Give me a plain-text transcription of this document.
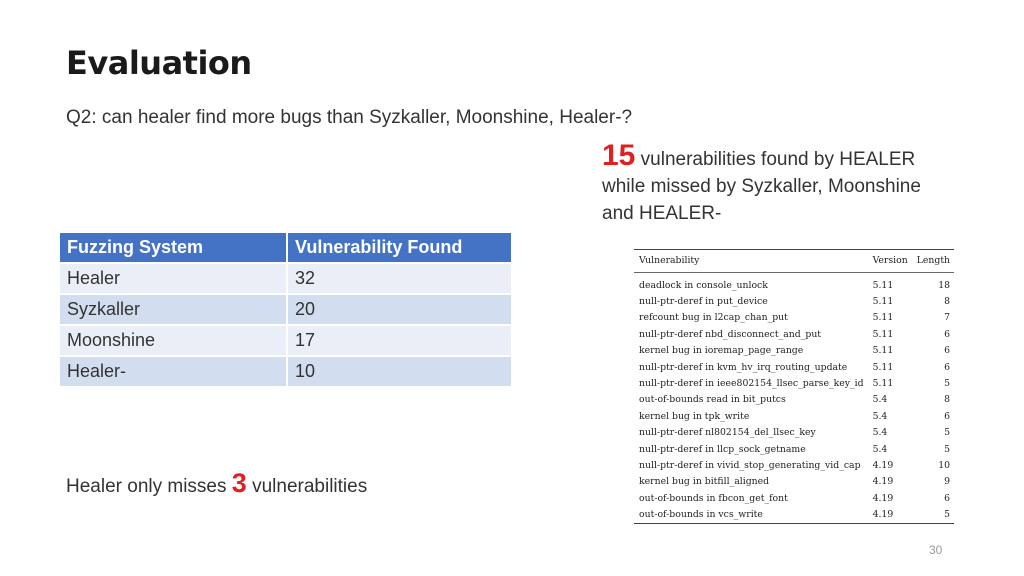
Evaluation
Q2: can healer find more bugs than Syzkaller, Moonshine, Healer-?
15 vulnerabilities found by HEALER
while missed by Syzkaller, Moonshine
and HEALER-
Fuzzing System	Vulnerability Found
Healer	32
Syzkaller	20
Moonshine	17
Healer-	10
Healer only misses 3 vulnerabilities
Vulnerability	Version	Length
deadlock in console_unlock	5.11	18
null-ptr-deref in put_device	5.11	8
refcount bug in l2cap_chan_put	5.11	7
null-ptr-deref nbd_disconnect_and_put	5.11	6
kernel bug in ioremap_page_range	5.11	6
null-ptr-deref in kvm_hv_irq_routing_update	5.11	6
null-ptr-deref in ieee802154_llsec_parse_key_id	5.11	5
out-of-bounds read in bit_putcs	5.4	8
kernel bug in tpk_write	5.4	6
null-ptr-deref nl802154_del_llsec_key	5.4	5
null-ptr-deref in llcp_sock_getname	5.4	5
null-ptr-deref in vivid_stop_generating_vid_cap	4.19	10
kernel bug in bitfill_aligned	4.19	9
out-of-bounds in fbcon_get_font	4.19	6
out-of-bounds in vcs_write	4.19	5
30
